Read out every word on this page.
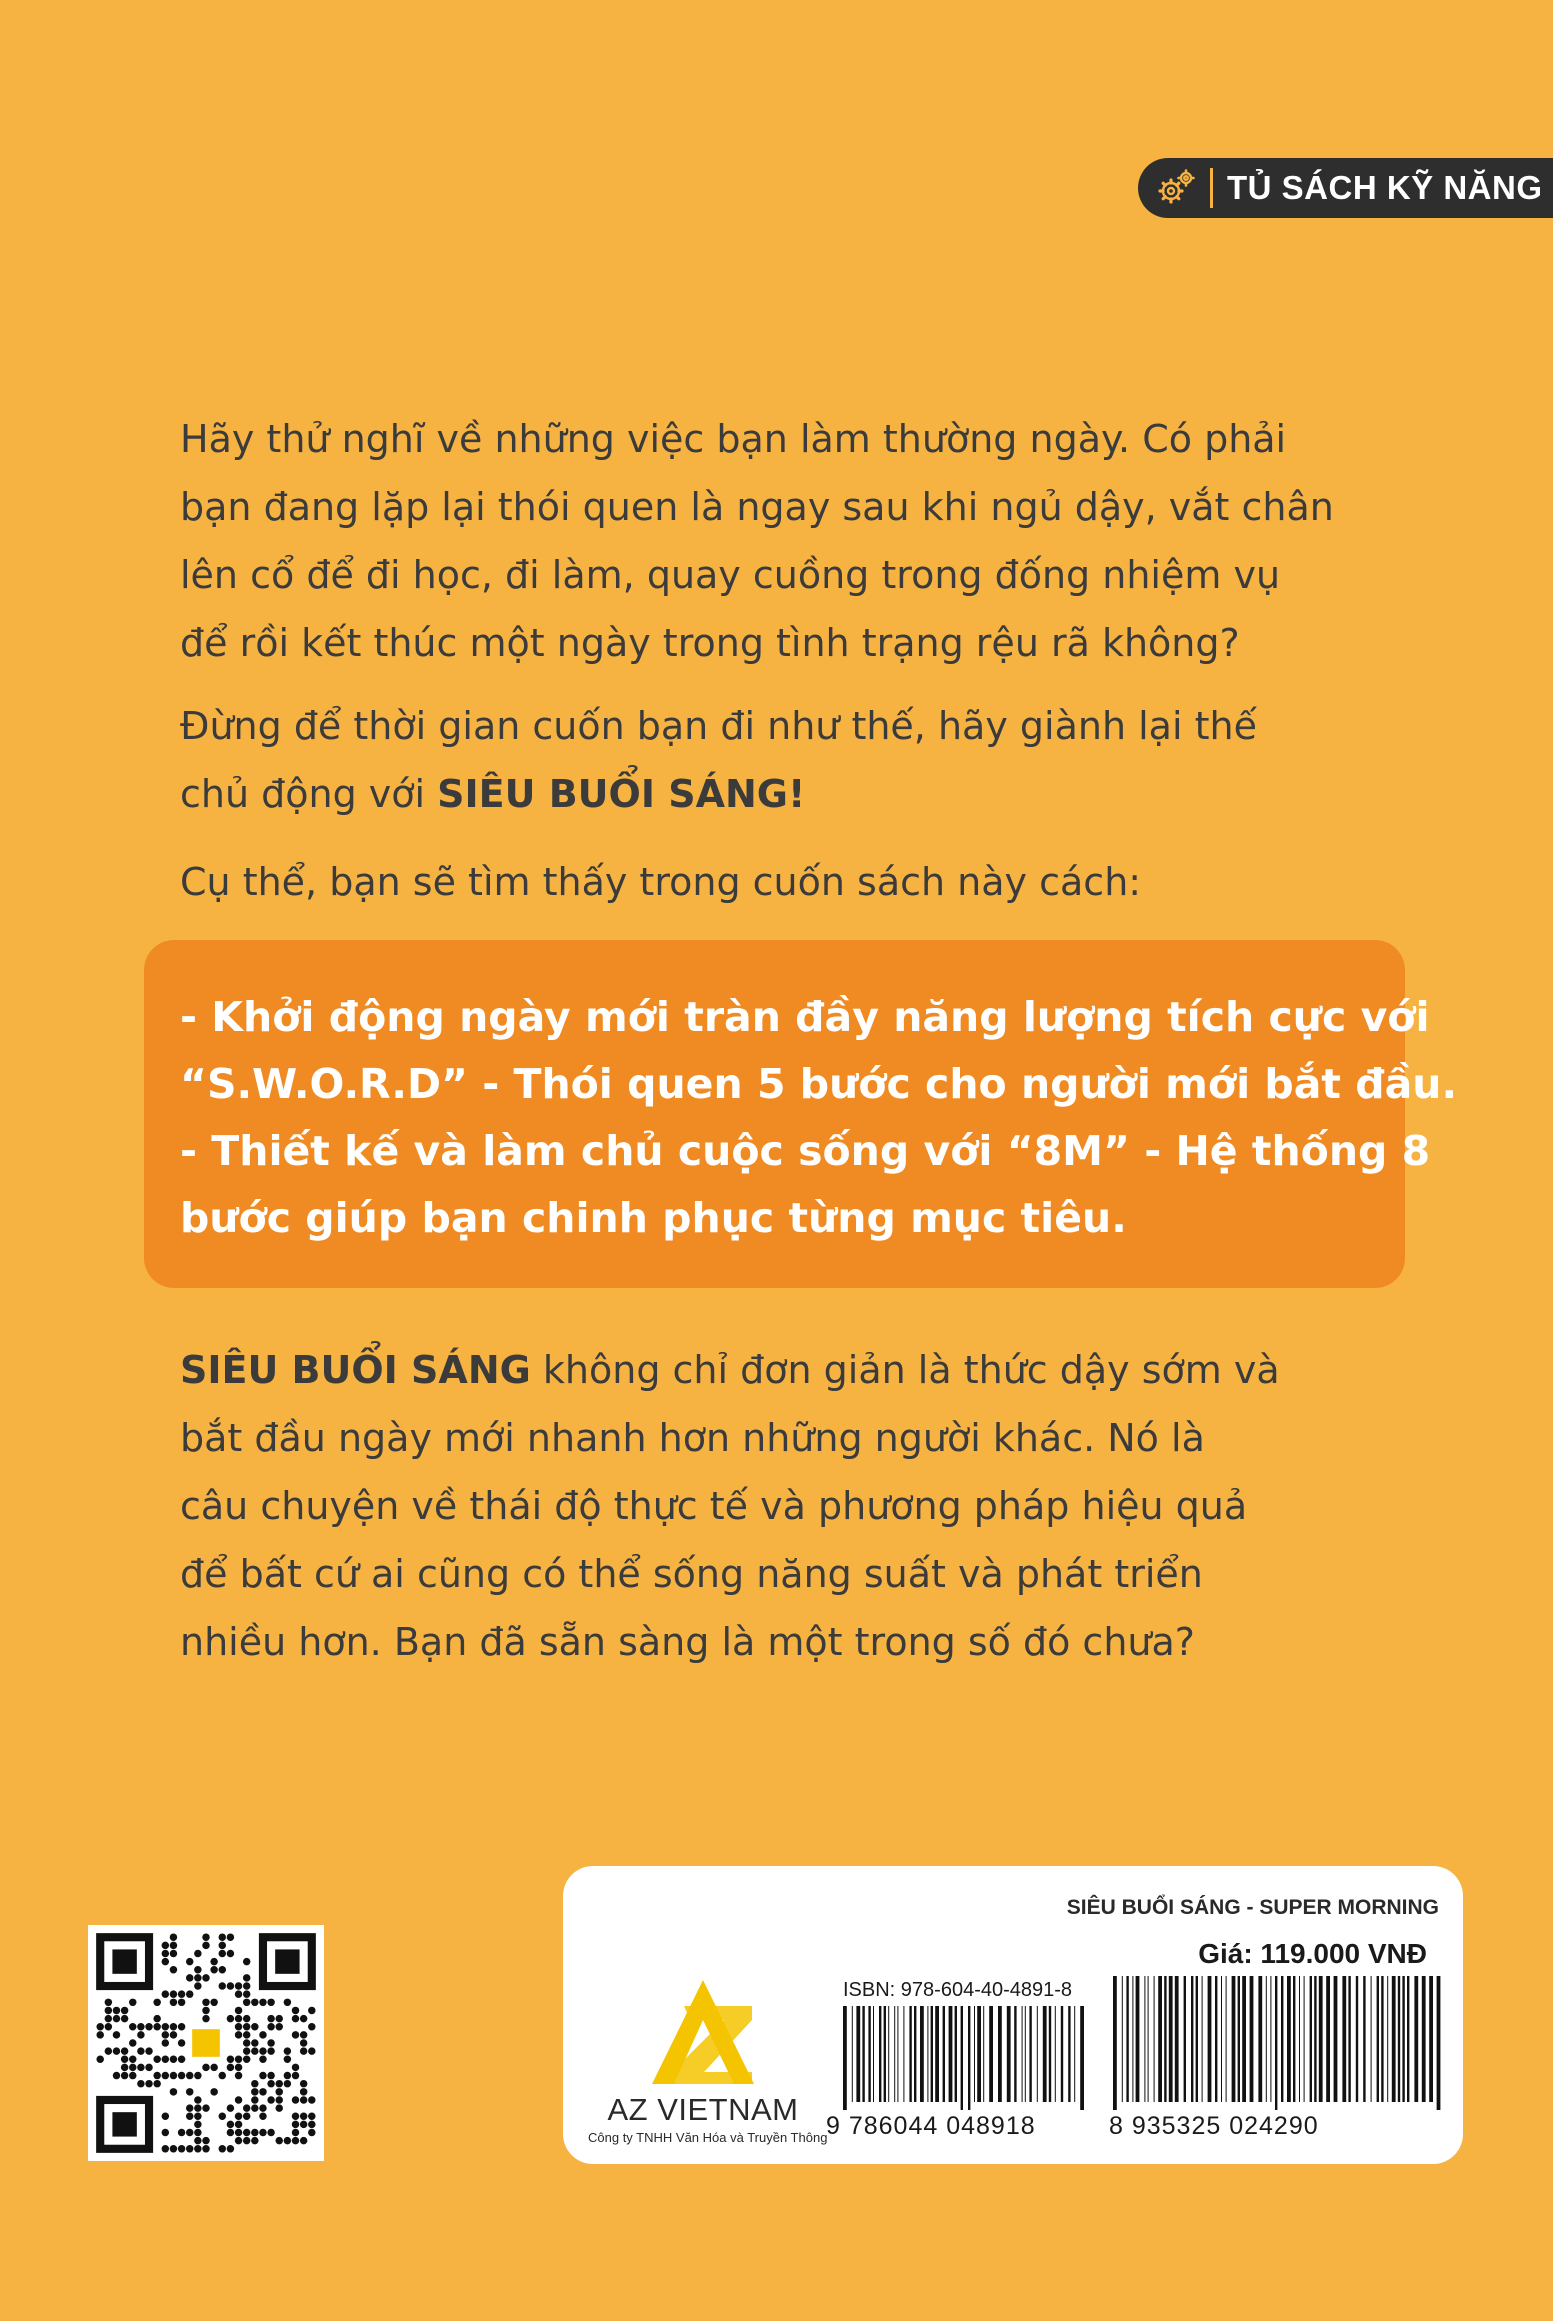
TỦ SÁCH KỸ NĂNG

Hãy thử nghĩ về những việc bạn làm thường ngày. Có phải
bạn đang lặp lại thói quen là ngay sau khi ngủ dậy, vắt chân
lên cổ để đi học, đi làm, quay cuồng trong đống nhiệm vụ
để rồi kết thúc một ngày trong tình trạng rệu rã không?

Đừng để thời gian cuốn bạn đi như thế, hãy giành lại thế
chủ động với SIÊU BUỔI SÁNG!

Cụ thể, bạn sẽ tìm thấy trong cuốn sách này cách:

- Khởi động ngày mới tràn đầy năng lượng tích cực với
“S.W.O.R.D” - Thói quen 5 bước cho người mới bắt đầu.
- Thiết kế và làm chủ cuộc sống với “8M” - Hệ thống 8
bước giúp bạn chinh phục từng mục tiêu.

SIÊU BUỔI SÁNG không chỉ đơn giản là thức dậy sớm và
bắt đầu ngày mới nhanh hơn những người khác. Nó là
câu chuyện về thái độ thực tế và phương pháp hiệu quả
để bất cứ ai cũng có thể sống năng suất và phát triển
nhiều hơn. Bạn đã sẵn sàng là một trong số đó chưa?

SIÊU BUỔI SÁNG - SUPER MORNING
Giá: 119.000 VNĐ
AZ VIETNAM
Công ty TNHH Văn Hóa và Truyền Thông
ISBN: 978-604-40-4891-8
9 786044 048918	8 935325 024290
